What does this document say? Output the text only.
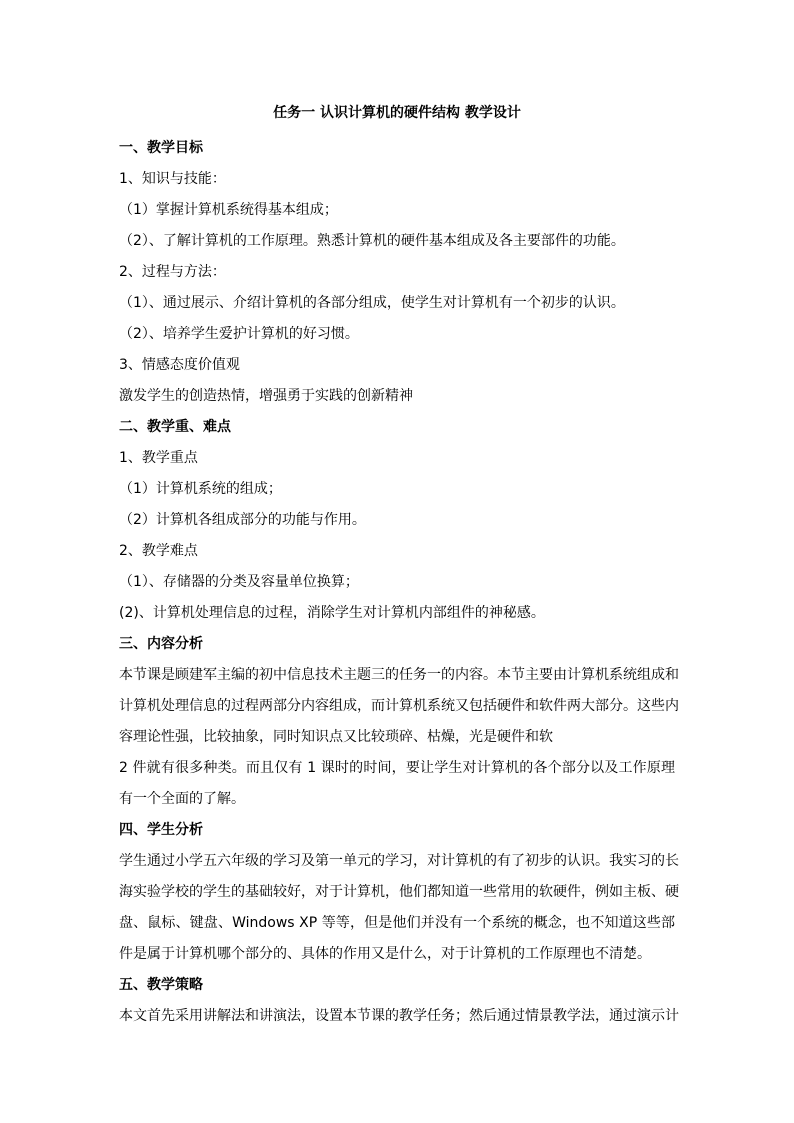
任务一 认识计算机的硬件结构 教学设计

一、教学目标

1、知识与技能：

（1）掌握计算机系统得基本组成；

（2）、了解计算机的工作原理。熟悉计算机的硬件基本组成及各主要部件的功能。

2、过程与方法：

（1）、通过展示、介绍计算机的各部分组成，使学生对计算机有一个初步的认识。

（2）、培养学生爱护计算机的好习惯。

3、情感态度价值观

激发学生的创造热情，增强勇于实践的创新精神

二、教学重、难点

1、教学重点

（1）计算机系统的组成；

（2）计算机各组成部分的功能与作用。

2、教学难点

（1）、存储器的分类及容量单位换算；

(2)、计算机处理信息的过程，消除学生对计算机内部组件的神秘感。

三、内容分析

本节课是顾建军主编的初中信息技术主题三的任务一的内容。本节主要由计算机系统组成和

计算机处理信息的过程两部分内容组成，而计算机系统又包括硬件和软件两大部分。这些内

容理论性强，比较抽象，同时知识点又比较琐碎、枯燥，光是硬件和软

2 件就有很多种类。而且仅有 1 课时的时间，要让学生对计算机的各个部分以及工作原理

有一个全面的了解。

四、学生分析

学生通过小学五六年级的学习及第一单元的学习，对计算机的有了初步的认识。我实习的长

海实验学校的学生的基础较好，对于计算机，他们都知道一些常用的软硬件，例如主板、硬

盘、鼠标、键盘、Windows XP 等等，但是他们并没有一个系统的概念，也不知道这些部

件是属于计算机哪个部分的、具体的作用又是什么，对于计算机的工作原理也不清楚。

五、教学策略

本文首先采用讲解法和讲演法，设置本节课的教学任务；然后通过情景教学法，通过演示计
